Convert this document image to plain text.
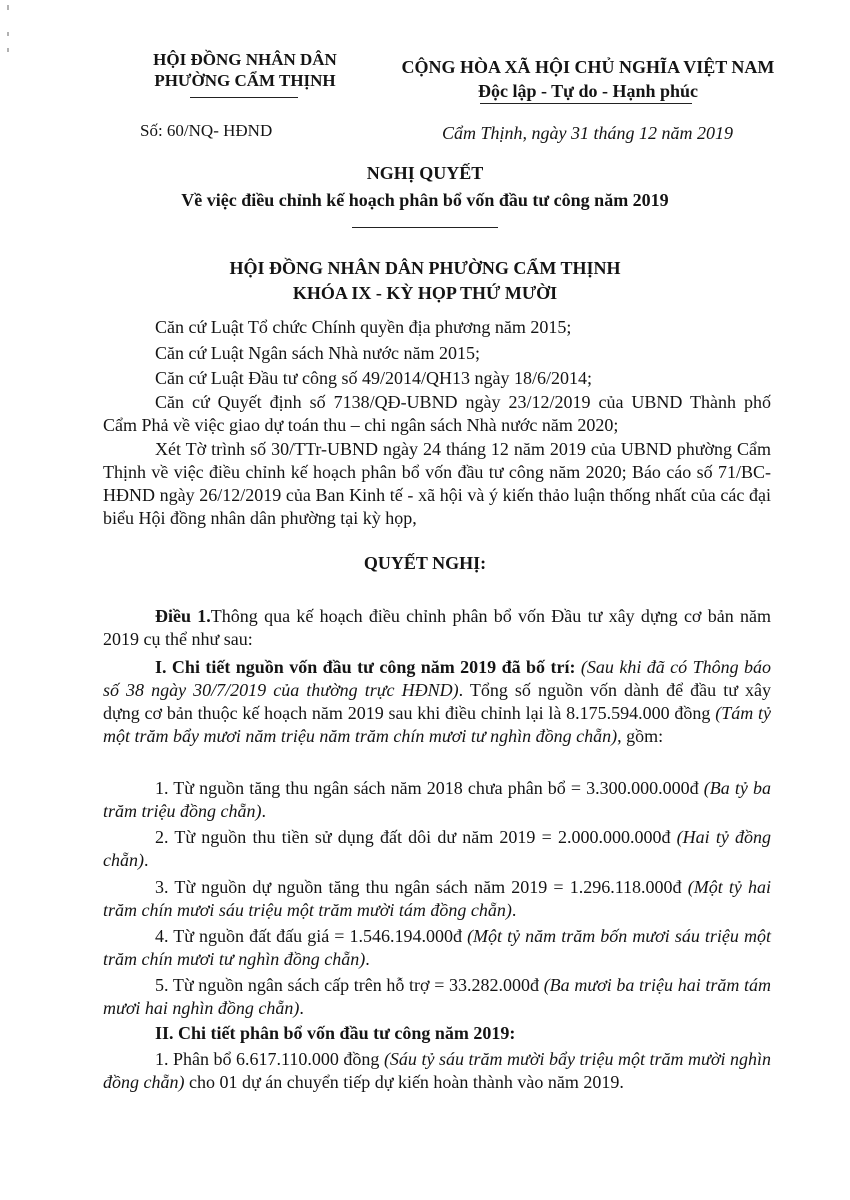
HỘI ĐỒNG NHÂN DÂN
PHƯỜNG CẨM THỊNH
CỘNG HÒA XÃ HỘI CHỦ NGHĨA VIỆT NAM
Độc lập - Tự do - Hạnh phúc
Số: 60/NQ- HĐND	Cẩm Thịnh, ngày 31 tháng 12 năm 2019
NGHỊ QUYẾT
Về việc điều chỉnh kế hoạch phân bổ vốn đầu tư công năm 2019
HỘI ĐỒNG NHÂN DÂN PHƯỜNG CẨM THỊNH
KHÓA IX - KỲ HỌP THỨ MƯỜI
Căn cứ Luật Tổ chức Chính quyền địa phương năm 2015;
Căn cứ Luật Ngân sách Nhà nước năm 2015;
Căn cứ Luật Đầu tư công số 49/2014/QH13 ngày 18/6/2014;
Căn cứ Quyết định số 7138/QĐ-UBND ngày 23/12/2019 của UBND Thành phố Cẩm Phả về việc giao dự toán thu – chi ngân sách Nhà nước năm 2020;
Xét Tờ trình số 30/TTr-UBND ngày 24 tháng 12 năm 2019 của UBND phường Cẩm Thịnh về việc điều chỉnh kế hoạch phân bổ vốn đầu tư công năm 2020; Báo cáo số 71/BC-HĐND ngày 26/12/2019 của Ban Kinh tế - xã hội và ý kiến thảo luận thống nhất của các đại biểu Hội đồng nhân dân phường tại kỳ họp,
QUYẾT NGHỊ:
Điều 1.Thông qua kế hoạch điều chỉnh phân bổ vốn Đầu tư xây dựng cơ bản năm 2019 cụ thể như sau:
I. Chi tiết nguồn vốn đầu tư công năm 2019 đã bố trí: (Sau khi đã có Thông báo số 38 ngày 30/7/2019 của thường trực HĐND). Tổng số nguồn vốn dành để đầu tư xây dựng cơ bản thuộc kế hoạch năm 2019 sau khi điều chỉnh lại là 8.175.594.000 đồng (Tám tỷ một trăm bẩy mươi năm triệu năm trăm chín mươi tư nghìn đồng chẵn), gồm:
1. Từ nguồn tăng thu ngân sách năm 2018 chưa phân bổ = 3.300.000.000đ (Ba tỷ ba trăm triệu đồng chẵn).
2. Từ nguồn thu tiền sử dụng đất dôi dư năm 2019 = 2.000.000.000đ (Hai tỷ đồng chẵn).
3. Từ nguồn dự nguồn tăng thu ngân sách năm 2019 = 1.296.118.000đ (Một tỷ hai trăm chín mươi sáu triệu một trăm mười tám đồng chẵn).
4. Từ nguồn đất đấu giá = 1.546.194.000đ (Một tỷ năm trăm bốn mươi sáu triệu một trăm chín mươi tư nghìn đồng chẵn).
5. Từ nguồn ngân sách cấp trên hỗ trợ = 33.282.000đ (Ba mươi ba triệu hai trăm tám mươi hai nghìn đồng chẵn).
II. Chi tiết phân bổ vốn đầu tư công năm 2019:
1. Phân bổ 6.617.110.000 đồng (Sáu tỷ sáu trăm mười bẩy triệu một trăm mười nghìn đồng chẵn) cho 01 dự án chuyển tiếp dự kiến hoàn thành vào năm 2019.
